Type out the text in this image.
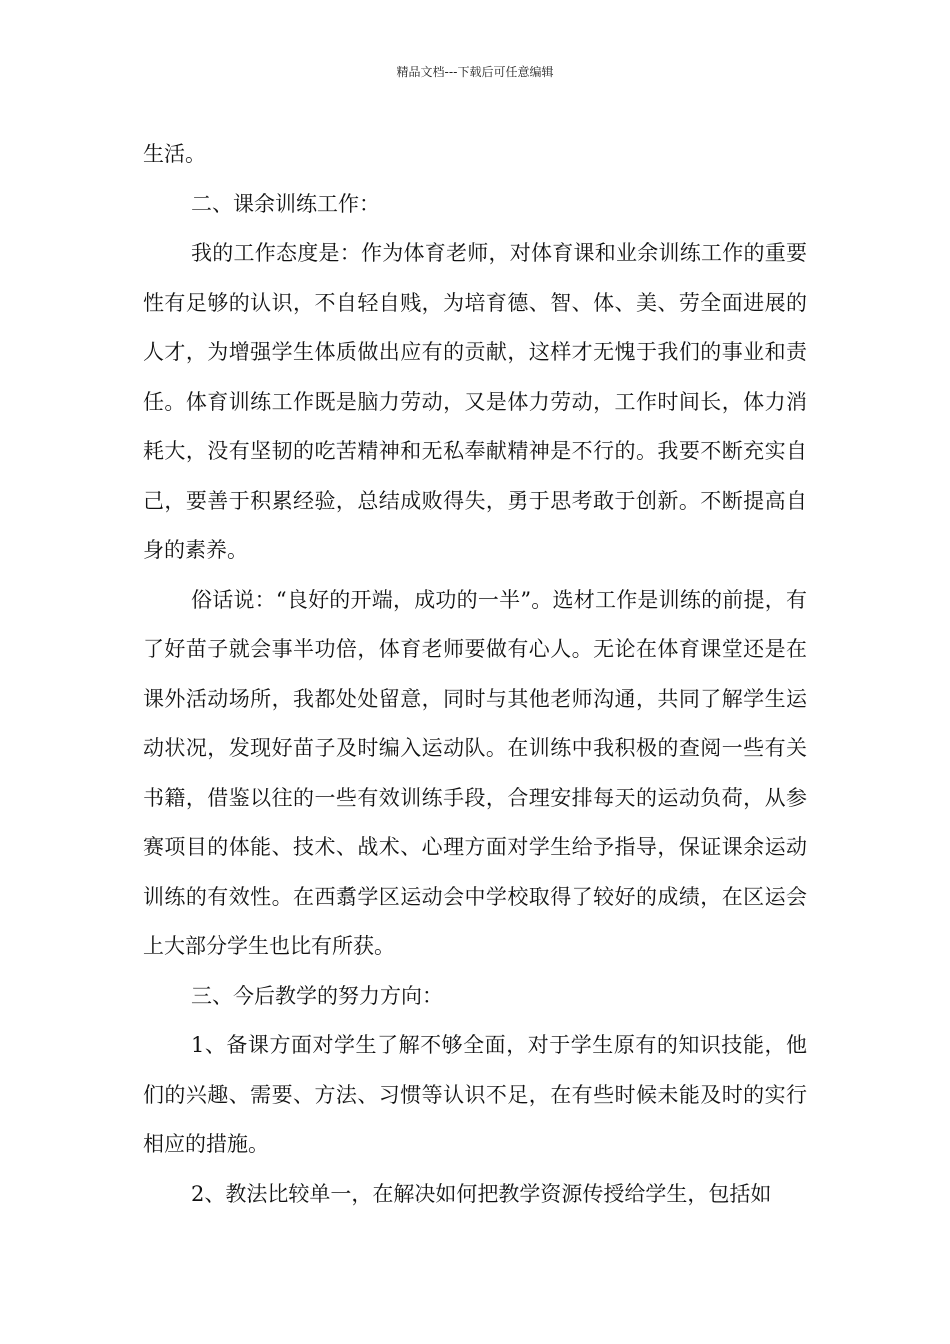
精品文档---下载后可任意编辑

生活。

二、课余训练工作：

我的工作态度是：作为体育老师，对体育课和业余训练工作的重要性有足够的认识，不自轻自贱，为培育德、智、体、美、劳全面进展的人才，为增强学生体质做出应有的贡献，这样才无愧于我们的事业和责任。体育训练工作既是脑力劳动，又是体力劳动，工作时间长，体力消耗大，没有坚韧的吃苦精神和无私奉献精神是不行的。我要不断充实自己，要善于积累经验，总结成败得失，勇于思考敢于创新。不断提高自身的素养。

俗话说：“良好的开端，成功的一半”。选材工作是训练的前提，有了好苗子就会事半功倍，体育老师要做有心人。无论在体育课堂还是在课外活动场所，我都处处留意，同时与其他老师沟通，共同了解学生运动状况，发现好苗子及时编入运动队。在训练中我积极的查阅一些有关书籍，借鉴以往的一些有效训练手段，合理安排每天的运动负荷，从参赛项目的体能、技术、战术、心理方面对学生给予指导，保证课余运动训练的有效性。在西翥学区运动会中学校取得了较好的成绩，在区运会上大部分学生也比有所获。

三、今后教学的努力方向：

1、备课方面对学生了解不够全面，对于学生原有的知识技能，他们的兴趣、需要、方法、习惯等认识不足，在有些时候未能及时的实行相应的措施。

2、教法比较单一，在解决如何把教学资源传授给学生，包括如
